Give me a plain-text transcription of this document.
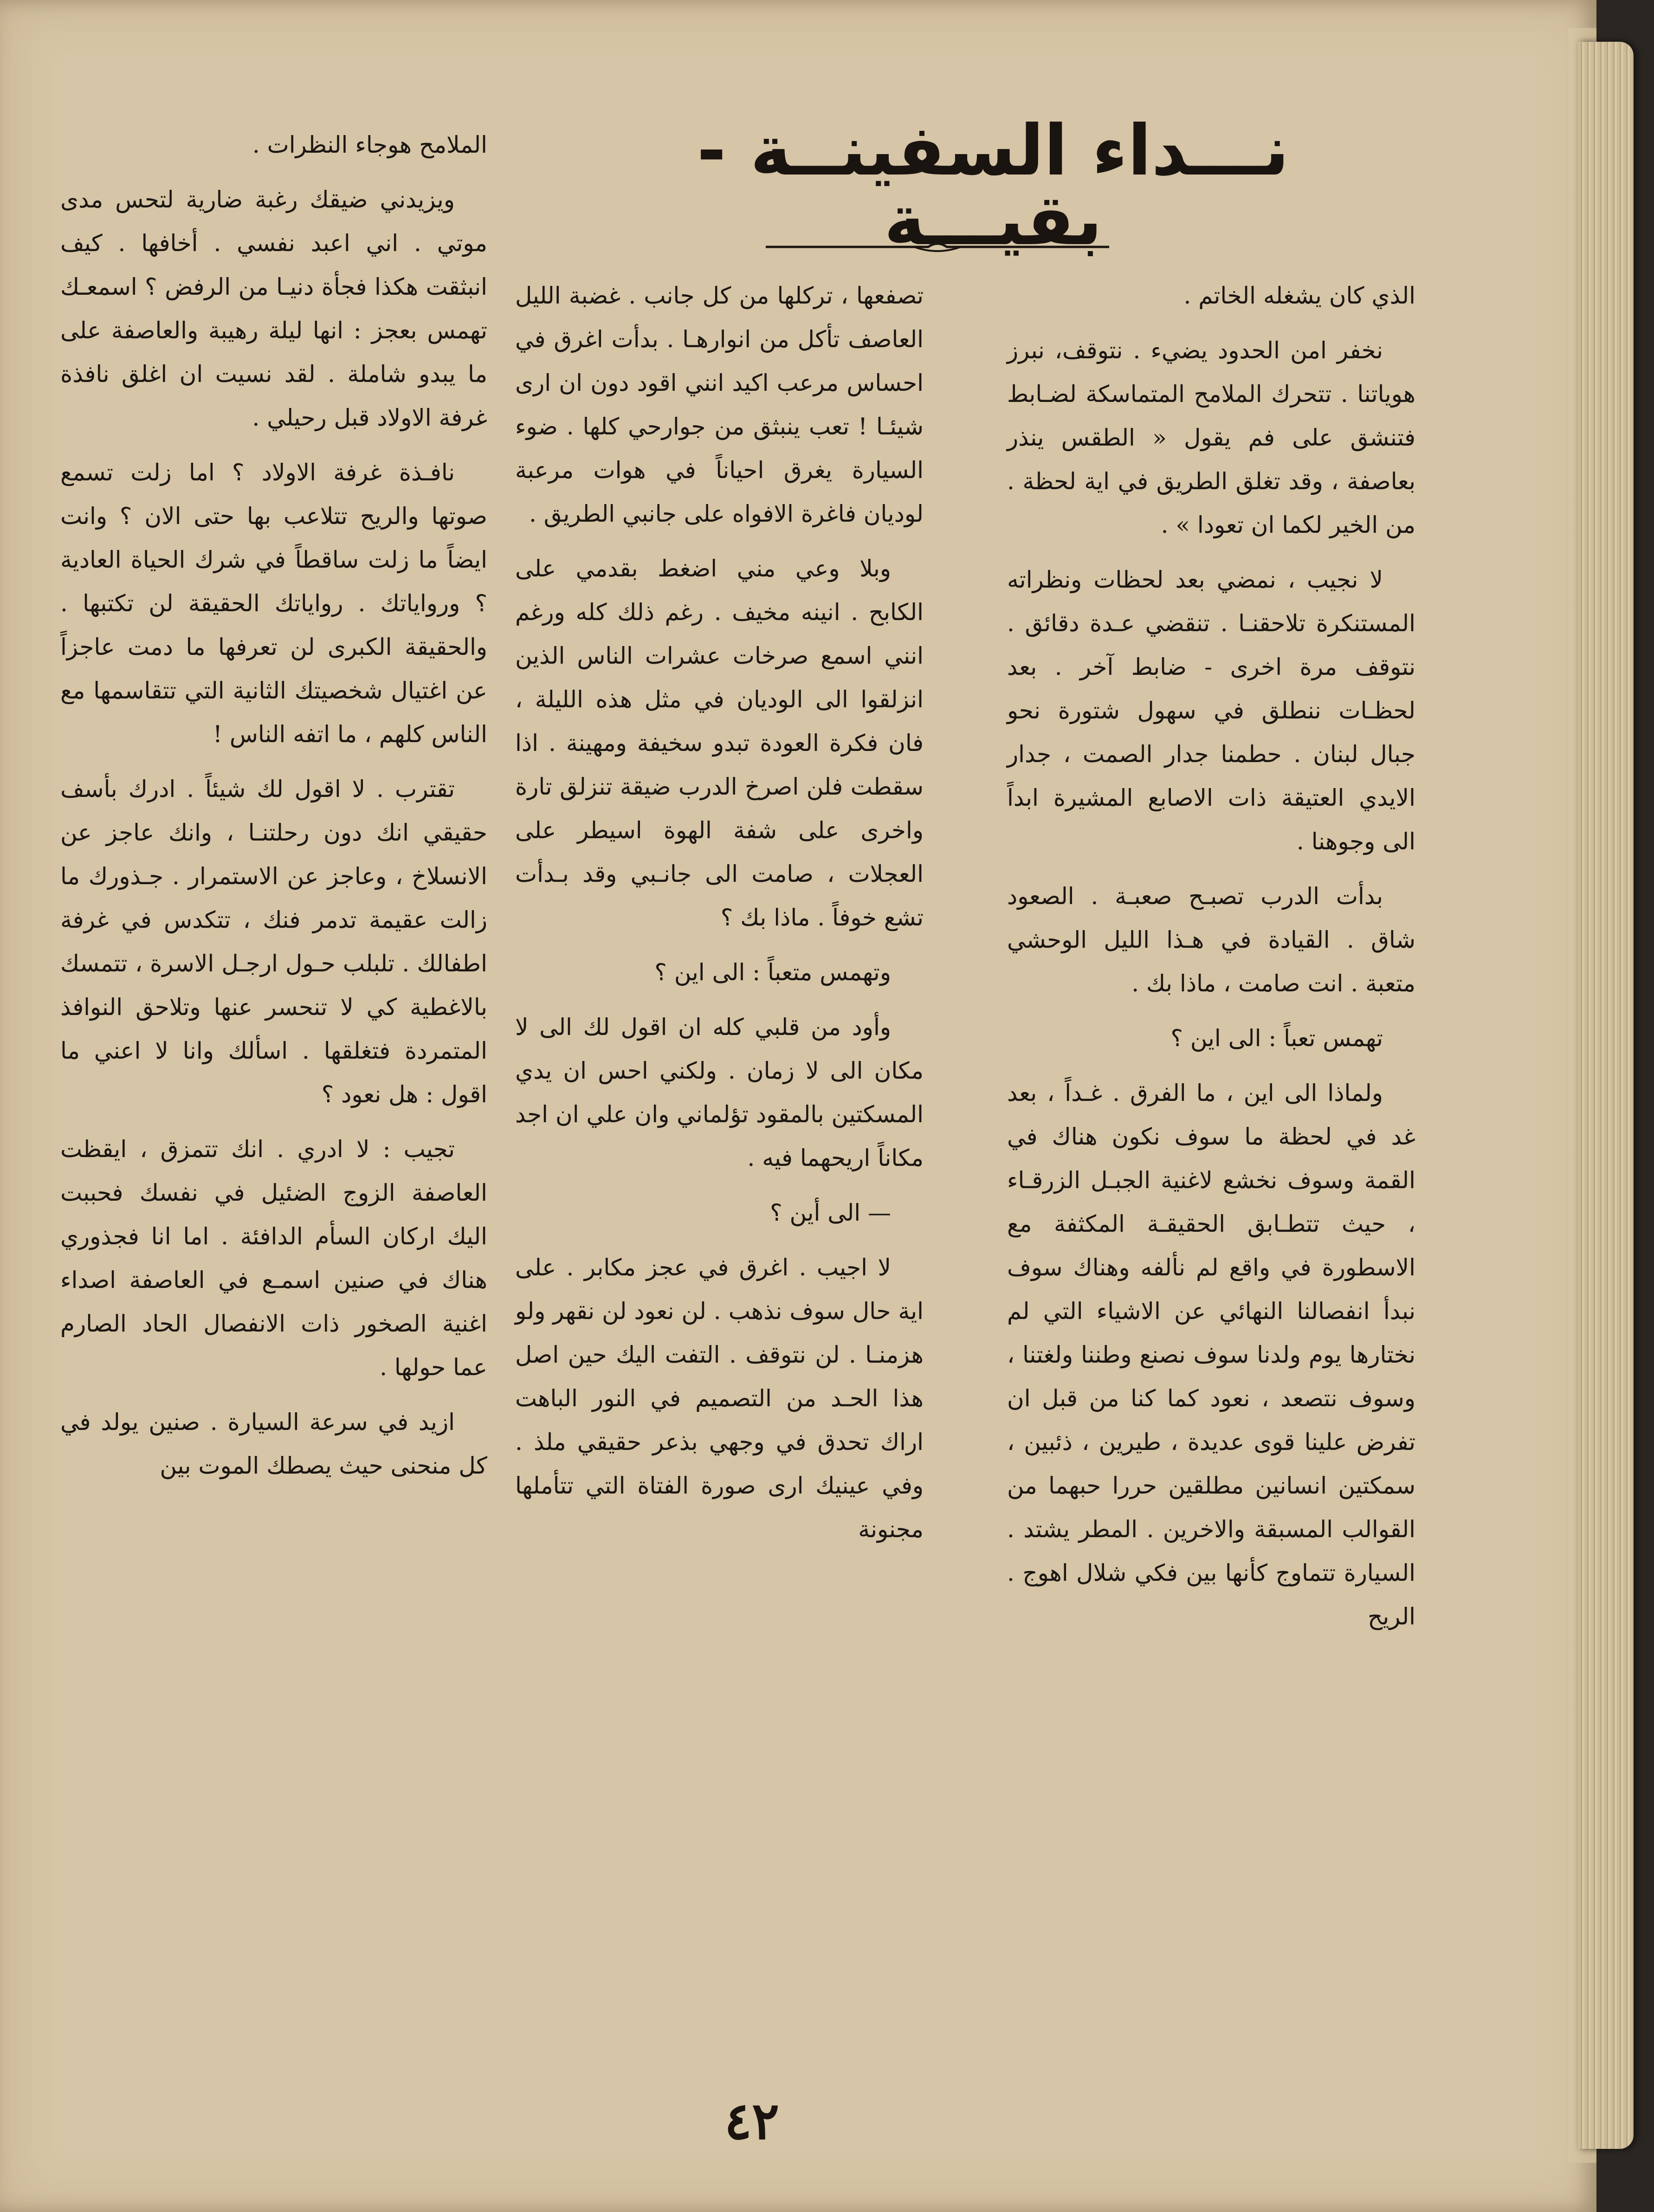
نـــداء السفينــة - بقيـــة

الذي كان يشغله الخاتم .

نخفر امن الحدود يضيء . نتوقف، نبرز هوياتنا . تتحرك الملامح المتماسكة لضـابط فتنشق على فم يقول « الطقس ينذر بعاصفة ، وقد تغلق الطريق في اية لحظة . من الخير لكما ان تعودا » .

لا نجيب ، نمضي بعد لحظات ونظراته المستنكرة تلاحقنـا . تنقضي عـدة دقائق . نتوقف مرة اخرى - ضابط آخر . بعد لحظـات ننطلق في سهول شتورة نحو جبال لبنان . حطمنا جدار الصمت ، جدار الايدي العتيقة ذات الاصابع المشيرة ابداً الى وجوهنا .

بدأت الدرب تصبـح صعبـة . الصعود شاق . القيادة في هـذا الليل الوحشي متعبة . انت صامت ، ماذا بك .

تهمس تعباً : الى اين ؟

ولماذا الى اين ، ما الفرق . غـداً ، بعد غد في لحظة ما سوف نكون هناك في القمة وسوف نخشع لاغنية الجبـل الزرقـاء ، حيث تتطـابق الحقيقـة المكثفة مع الاسطورة في واقع لم نألفه وهناك سوف نبدأ انفصالنا النهائي عن الاشياء التي لم نختارها يوم ولدنا سوف نصنع وطننا ولغتنا ، وسوف نتصعد ، نعود كما كنا من قبل ان تفرض علينا قوى عديدة ، طيرين ، ذئبين ، سمكتين انسانين مطلقين حررا حبهما من القوالب المسبقة والاخرين . المطر يشتد . السيارة تتماوج كأنها بين فكي شلال اهوج . الريح

تصفعها ، تركلها من كل جانب . غضبة الليل العاصف تأكل من انوارهـا . بدأت اغرق في احساس مرعب اكيد انني اقود دون ان ارى شيئـا ! تعب ينبثق من جوارحي كلها . ضوء السيارة يغرق احياناً في هوات مرعبة لوديان فاغرة الافواه على جانبي الطريق .

وبلا وعي مني اضغط بقدمي على الكابح . انينه مخيف . رغم ذلك كله ورغم انني اسمع صرخات عشرات الناس الذين انزلقوا الى الوديان في مثل هذه الليلة ، فان فكرة العودة تبدو سخيفة ومهينة . اذا سقطت فلن اصرخ الدرب ضيقة تنزلق تارة واخرى على شفة الهوة اسيطر على العجلات ، صامت الى جانـبي وقد بـدأت تشع خوفاً . ماذا بك ؟

وتهمس متعباً : الى اين ؟

وأود من قلبي كله ان اقول لك الى لا مكان الى لا زمان . ولكني احس ان يدي المسكتين بالمقود تؤلماني وان علي ان اجد مكاناً اريحهما فيه .

— الى أين ؟

لا اجيب . اغرق في عجز مكابر . على اية حال سوف نذهب . لن نعود لن نقهر ولو هزمنـا . لن نتوقف . التفت اليك حين اصل هذا الحـد من التصميم في النور الباهت اراك تحدق في وجهي بذعر حقيقي ملذ . وفي عينيك ارى صورة الفتاة التي تتأملها مجنونة

الملامح هوجاء النظرات .

ويزيدني ضيقك رغبة ضارية لتحس مدى موتي . اني اعبد نفسي . أخافها . كيف انبثقت هكذا فجأة دنيـا من الرفض ؟ اسمعـك تهمس بعجز : انها ليلة رهيبة والعاصفة على ما يبدو شاملة . لقد نسيت ان اغلق نافذة غرفة الاولاد قبل رحيلي .

نافـذة غرفة الاولاد ؟ اما زلت تسمع صوتها والريح تتلاعب بها حتى الان ؟ وانت ايضاً ما زلت ساقطاً في شرك الحياة العادية ؟ ورواياتك . رواياتك الحقيقة لن تكتبها . والحقيقة الكبرى لن تعرفها ما دمت عاجزاً عن اغتيال شخصيتك الثانية التي تتقاسمها مع الناس كلهم ، ما اتفه الناس !

تقترب . لا اقول لك شيئاً . ادرك بأسف حقيقي انك دون رحلتنـا ، وانك عاجز عن الانسلاخ ، وعاجز عن الاستمرار . جـذورك ما زالت عقيمة تدمر فنك ، تتكدس في غرفة اطفالك . تلبلب حـول ارجـل الاسرة ، تتمسك بالاغطية كي لا تنحسر عنها وتلاحق النوافذ المتمردة فتغلقها . اسألك وانا لا اعني ما اقول : هل نعود ؟

تجيب : لا ادري . انك تتمزق ، ايقظت العاصفة الزوج الضئيل في نفسك فحببت اليك اركان السأم الدافئة . اما انا فجذوري هناك في صنين اسمـع في العاصفة اصداء اغنية الصخور ذات الانفصال الحاد الصارم عما حولها .

ازيد في سرعة السيارة . صنين يولد في كل منحنى حيث يصطك الموت بين

٤٢
